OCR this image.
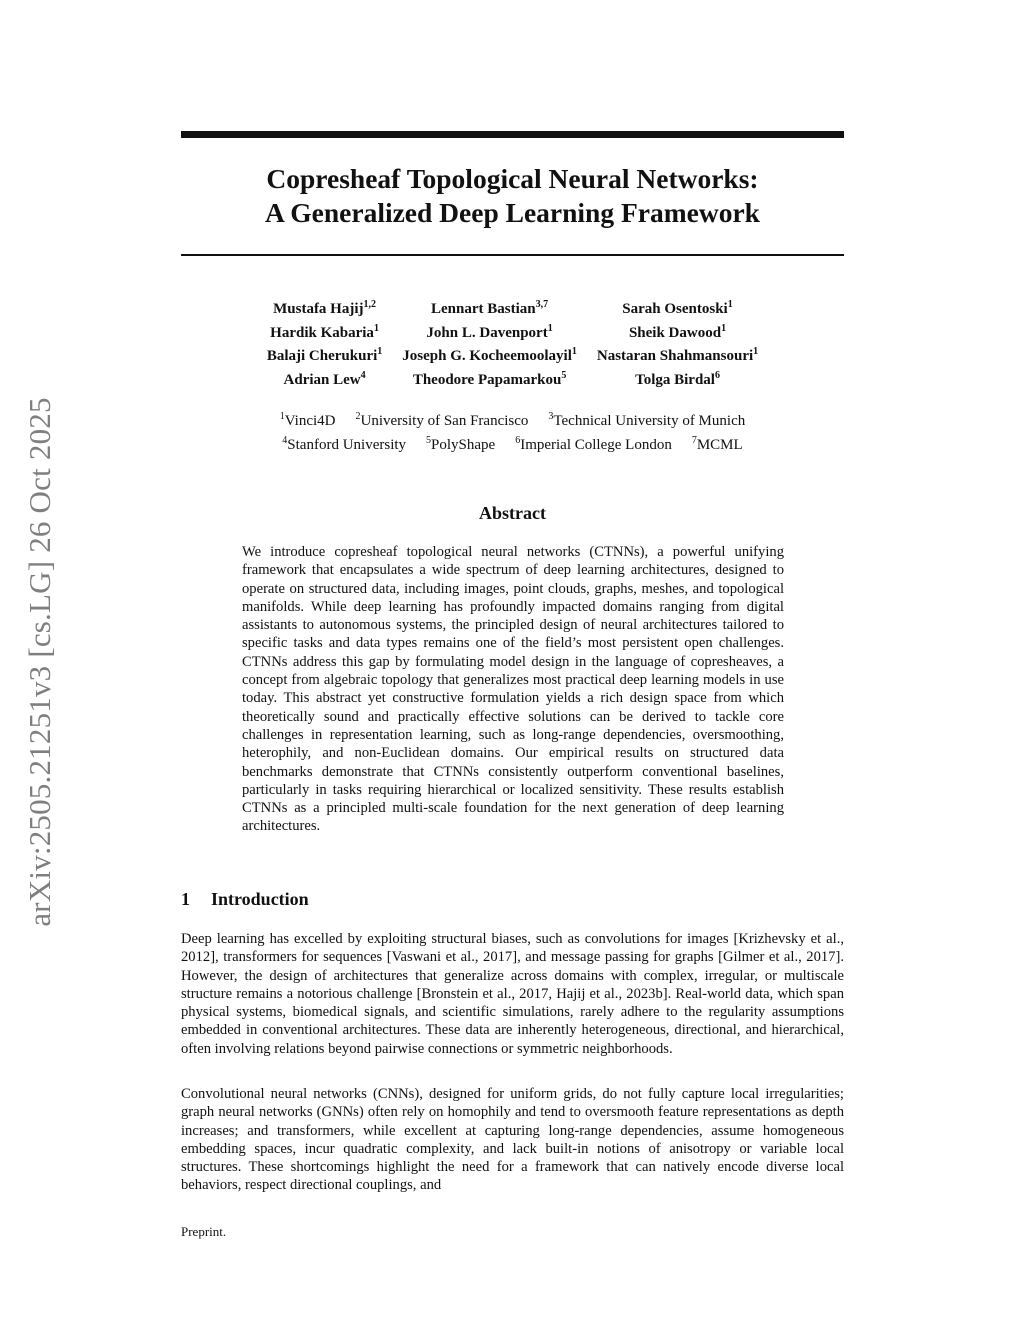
arXiv:2505.21251v3 [cs.LG] 26 Oct 2025
Copresheaf Topological Neural Networks:
A Generalized Deep Learning Framework
Mustafa Hajij$^{1,2}$
Hardik Kabaria$^1$
Balaji Cherukuri$^1$
Adrian Lew$^4$
Lennart Bastian$^{3,7}$
John L. Davenport$^1$
Joseph G. Kocheemoolayil$^1$
Theodore Papamarkou$^5$
Sarah Osentoski$^1$
Sheik Dawood$^1$
Nastaran Shahmansouri$^1$
Tolga Birdal$^6$
$^1$Vinci4D $^2$University of San Francisco $^3$Technical University of Munich
$^4$Stanford University $^5$PolyShape $^6$Imperial College London $^7$MCML
Abstract
We introduce copresheaf topological neural networks (CTNNs), a powerful unifying framework that encapsulates a wide spectrum of deep learning architectures, designed to operate on structured data, including images, point clouds, graphs, meshes, and topological manifolds. While deep learning has profoundly impacted domains ranging from digital assistants to autonomous systems, the principled design of neural architectures tailored to specific tasks and data types remains one of the field’s most persistent open challenges. CTNNs address this gap by formulating model design in the language of copresheaves, a concept from algebraic topology that generalizes most practical deep learning models in use today. This abstract yet constructive formulation yields a rich design space from which theoretically sound and practically effective solutions can be derived to tackle core challenges in representation learning, such as long-range dependencies, oversmoothing, heterophily, and non-Euclidean domains. Our empirical results on structured data benchmarks demonstrate that CTNNs consistently outperform conventional baselines, particularly in tasks requiring hierarchical or localized sensitivity. These results establish CTNNs as a principled multi-scale foundation for the next generation of deep learning architectures.
1 Introduction
Deep learning has excelled by exploiting structural biases, such as convolutions for images [Krizhevsky et al., 2012], transformers for sequences [Vaswani et al., 2017], and message passing for graphs [Gilmer et al., 2017]. However, the design of architectures that generalize across domains with complex, irregular, or multiscale structure remains a notorious challenge [Bronstein et al., 2017, Hajij et al., 2023b]. Real-world data, which span physical systems, biomedical signals, and scientific simulations, rarely adhere to the regularity assumptions embedded in conventional architectures. These data are inherently heterogeneous, directional, and hierarchical, often involving relations beyond pairwise connections or symmetric neighborhoods.
Convolutional neural networks (CNNs), designed for uniform grids, do not fully capture local irregularities; graph neural networks (GNNs) often rely on homophily and tend to oversmooth feature representations as depth increases; and transformers, while excellent at capturing long-range dependencies, assume homogeneous embedding spaces, incur quadratic complexity, and lack built-in notions of anisotropy or variable local structures. These shortcomings highlight the need for a framework that can natively encode diverse local behaviors, respect directional couplings, and
Preprint.
